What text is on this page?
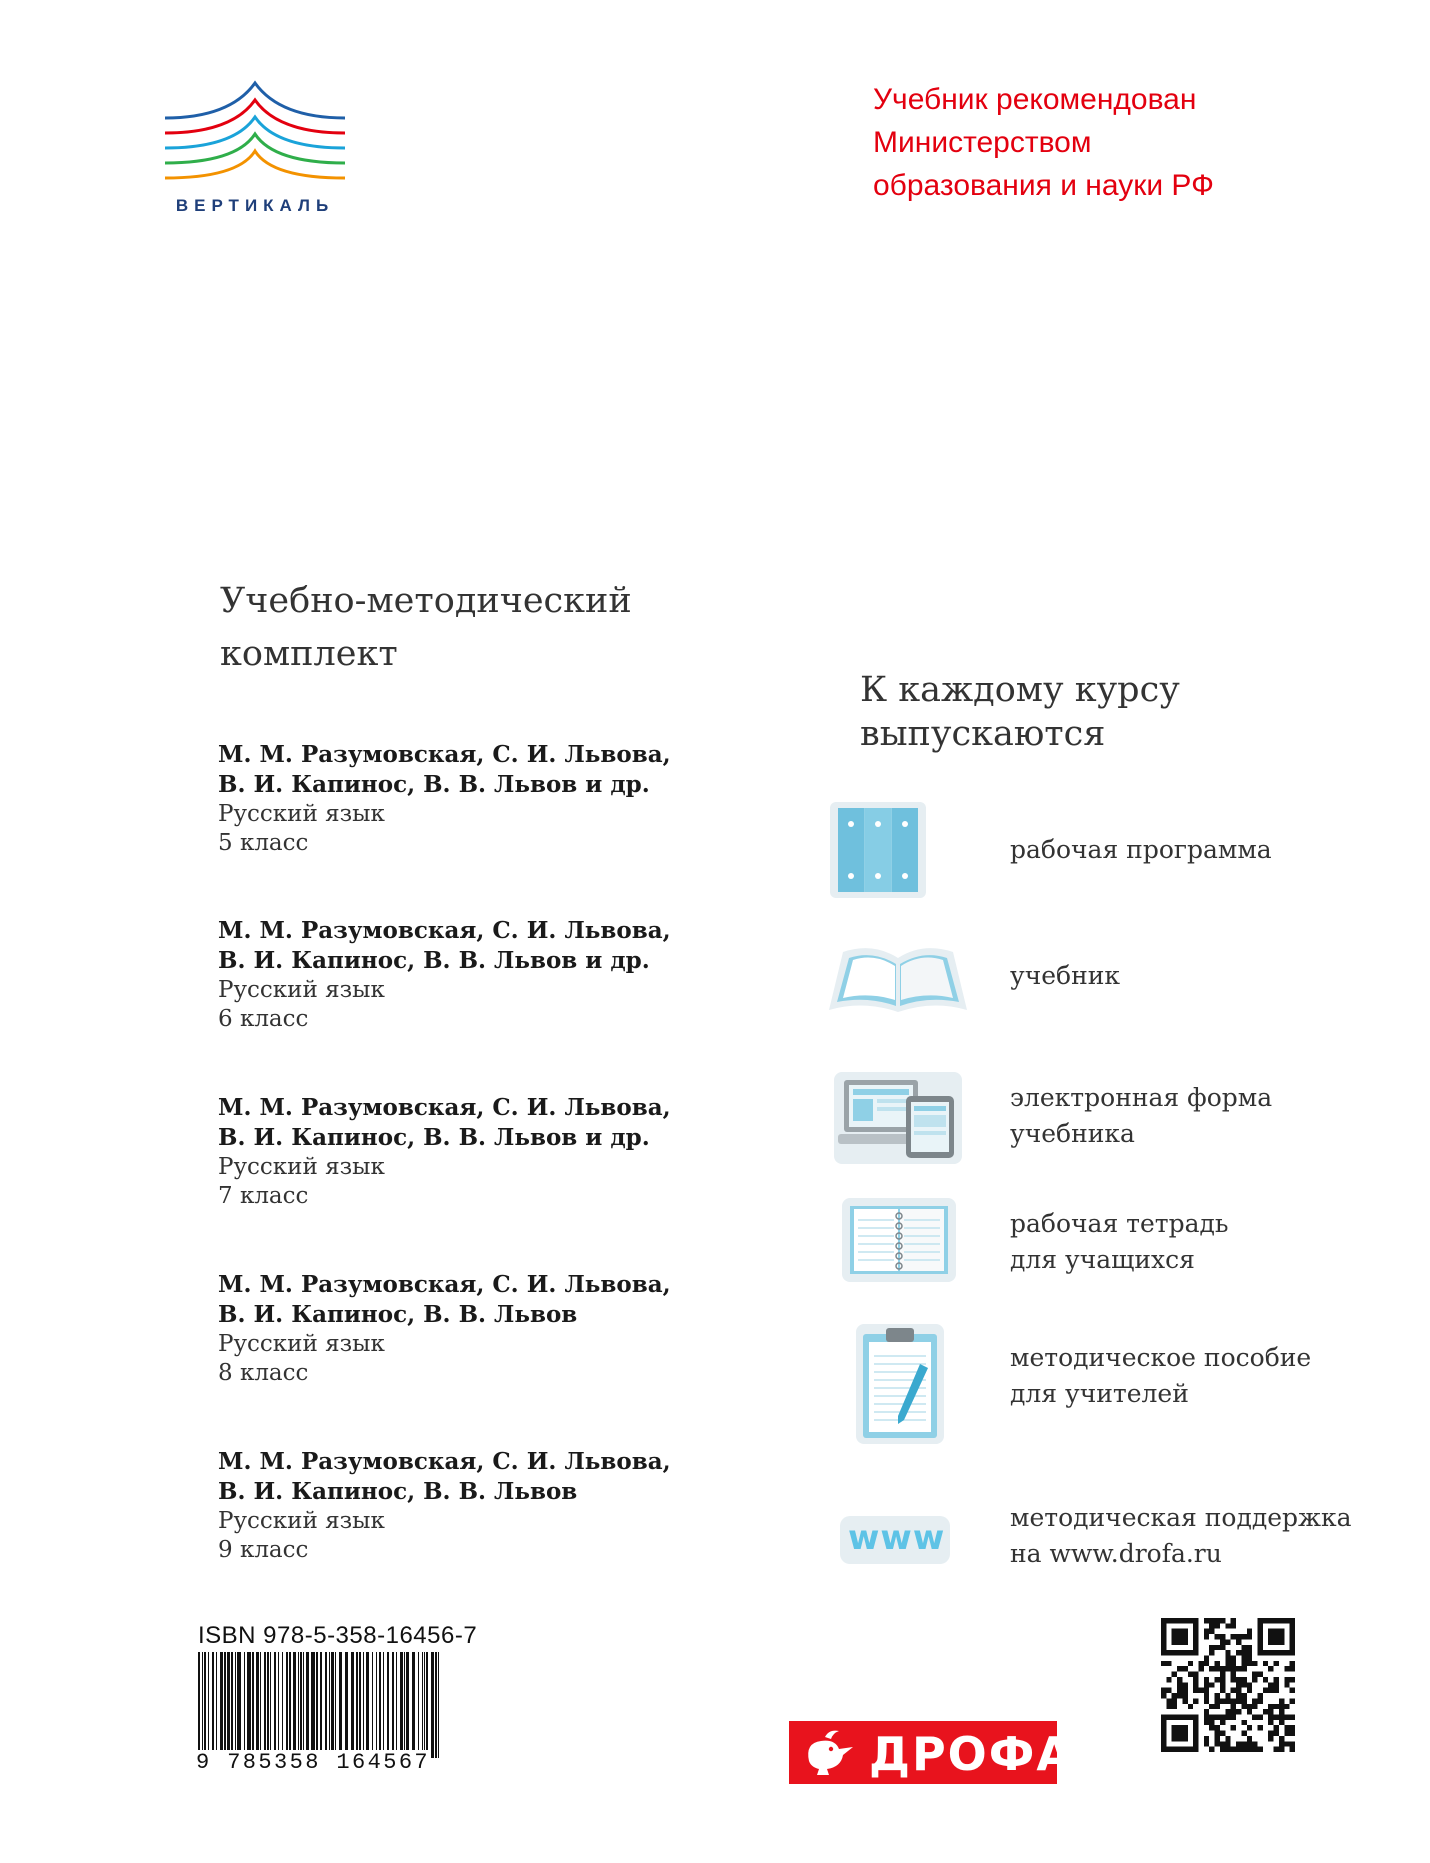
ВЕРТИКАЛЬ
Учебник рекомендован
Министерством
образования и науки РФ
Учебно-методический
комплект
М. М. Разумовская, С. И. Львова,
В. И. Капинос, В. В. Львов и др.
Русский язык
5 класс
М. М. Разумовская, С. И. Львова,
В. И. Капинос, В. В. Львов и др.
Русский язык
6 класс
М. М. Разумовская, С. И. Львова,
В. И. Капинос, В. В. Львов и др.
Русский язык
7 класс
М. М. Разумовская, С. И. Львова,
В. И. Капинос, В. В. Львов
Русский язык
8 класс
М. М. Разумовская, С. И. Львова,
В. И. Капинос, В. В. Львов
Русский язык
9 класс
К каждому курсу
выпускаются
рабочая программа
учебник
электронная форма
учебника
рабочая тетрадь
для учащихся
методическое пособие
для учителей
www
методическая поддержка
на www.drofa.ru
ISBN 978-5-358-16456-7
9 785358 164567	ДРОФА
